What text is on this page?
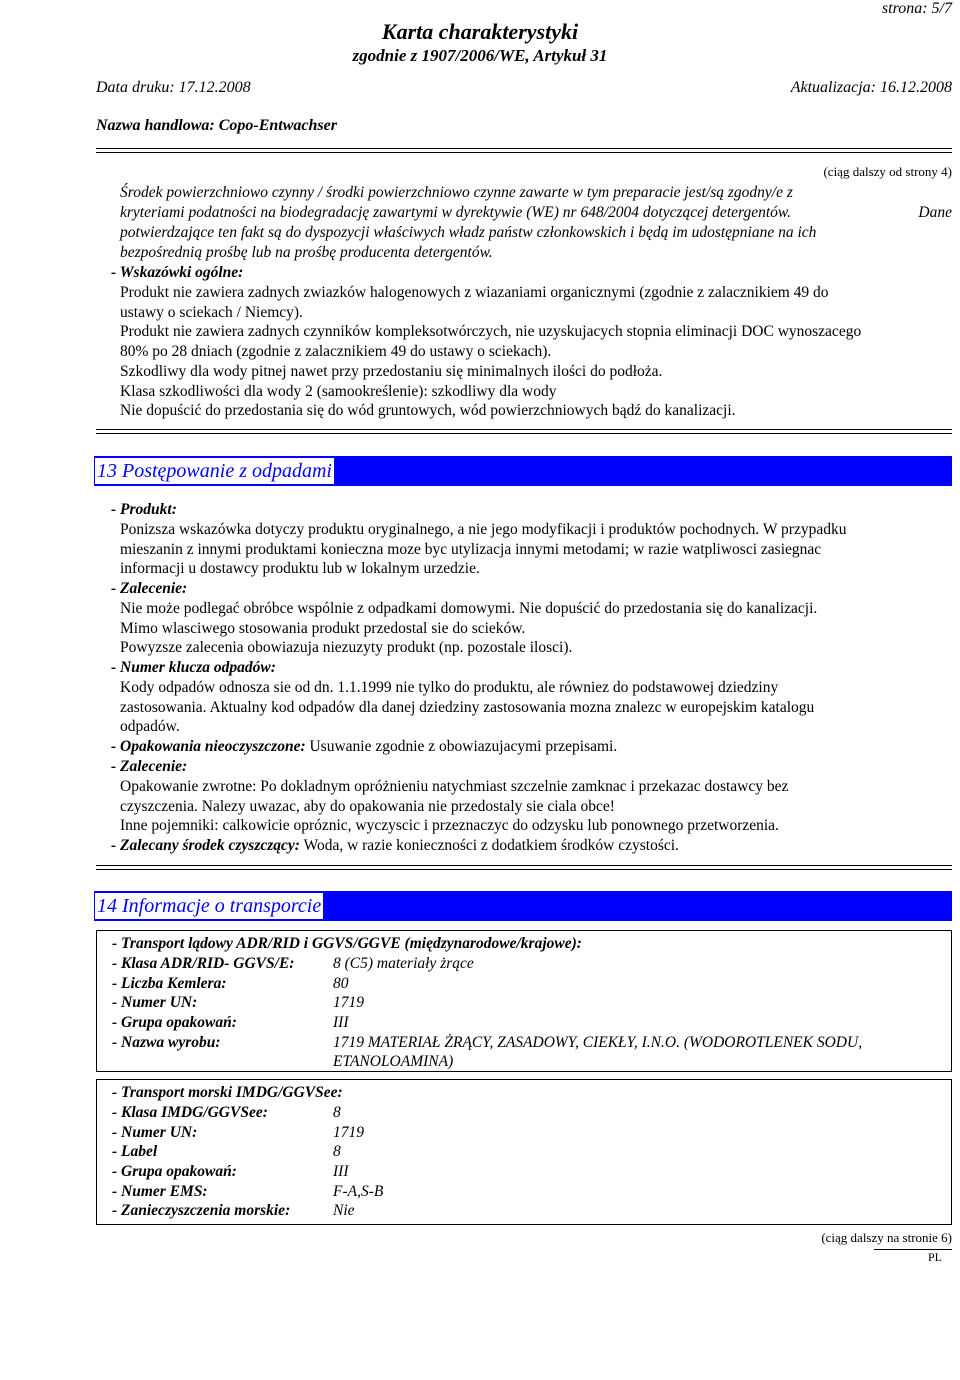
strona: 5/7
Karta charakterystyki
zgodnie z 1907/2006/WE, Artykuł 31
Data druku: 17.12.2008	Aktualizacja: 16.12.2008
Nazwa handlowa: Copo-Entwachser
(ciąg dalszy od strony 4)
Środek powierzchniowo czynny / środki powierzchniowo czynne zawarte w tym preparacie jest/są zgodny/e z
kryteriami podatności na biodegradację zawartymi w dyrektywie (WE) nr 648/2004 dotyczącej detergentów.	Dane
potwierdzające ten fakt są do dyspozycji właściwych władz państw członkowskich i będą im udostępniane na ich
bezpośrednią prośbę lub na prośbę producenta detergentów.
- Wskazówki ogólne:
Produkt nie zawiera zadnych zwiazków halogenowych z wiazaniami organicznymi (zgodnie z zalacznikiem 49 do
ustawy o sciekach / Niemcy).
Produkt nie zawiera zadnych czynników kompleksotwórczych, nie uzyskujacych stopnia eliminacji DOC wynoszacego
80% po 28 dniach (zgodnie z zalacznikiem 49 do ustawy o sciekach).
Szkodliwy dla wody pitnej nawet przy przedostaniu się minimalnych ilości do podłoża.
Klasa szkodliwości dla wody 2 (samookreślenie): szkodliwy dla wody
Nie dopuścić do przedostania się do wód gruntowych, wód powierzchniowych bądź do kanalizacji.
13 Postępowanie z odpadami
- Produkt:
Ponizsza wskazówka dotyczy produktu oryginalnego, a nie jego modyfikacji i produktów pochodnych. W przypadku
mieszanin z innymi produktami konieczna moze byc utylizacja innymi metodami; w razie watpliwosci zasiegnac
informacji u dostawcy produktu lub w lokalnym urzedzie.
- Zalecenie:
Nie może podlegać obróbce wspólnie z odpadkami domowymi. Nie dopuścić do przedostania się do kanalizacji.
Mimo wlasciwego stosowania produkt przedostal sie do scieków.
Powyzsze zalecenia obowiazuja niezuzyty produkt (np. pozostale ilosci).
- Numer klucza odpadów:
Kody odpadów odnosza sie od dn. 1.1.1999 nie tylko do produktu, ale równiez do podstawowej dziedziny
zastosowania. Aktualny kod odpadów dla danej dziedziny zastosowania mozna znalezc w europejskim katalogu
odpadów.
- Opakowania nieoczyszczone: Usuwanie zgodnie z obowiazujacymi przepisami.
- Zalecenie:
Opakowanie zwrotne: Po dokladnym opróżnieniu natychmiast szczelnie zamknac i przekazac dostawcy bez
czyszczenia. Nalezy uwazac, aby do opakowania nie przedostaly sie ciala obce!
Inne pojemniki: calkowicie opróznic, wyczyscic i przeznaczyc do odzysku lub ponownego przetworzenia.
- Zalecany środek czyszczący: Woda, w razie konieczności z dodatkiem środków czystości.
14 Informacje o transporcie
- Transport lądowy ADR/RID i GGVS/GGVE (międzynarodowe/krajowe):
- Klasa ADR/RID- GGVS/E: 8 (C5) materiały żrące
- Liczba Kemlera:	80
- Numer UN:	1719
- Grupa opakowań:	III
- Nazwa wyrobu:	1719 MATERIAŁ ŻRĄCY, ZASADOWY, CIEKŁY, I.N.O. (WODOROTLENEK SODU,
ETANOLOAMINA)
- Transport morski IMDG/GGVSee:
- Klasa IMDG/GGVSee:	8
- Numer UN:	1719
- Label	8
- Grupa opakowań:	III
- Numer EMS:	F-A,S-B
- Zanieczyszczenia morskie:	Nie
(ciąg dalszy na stronie 6)
PL
